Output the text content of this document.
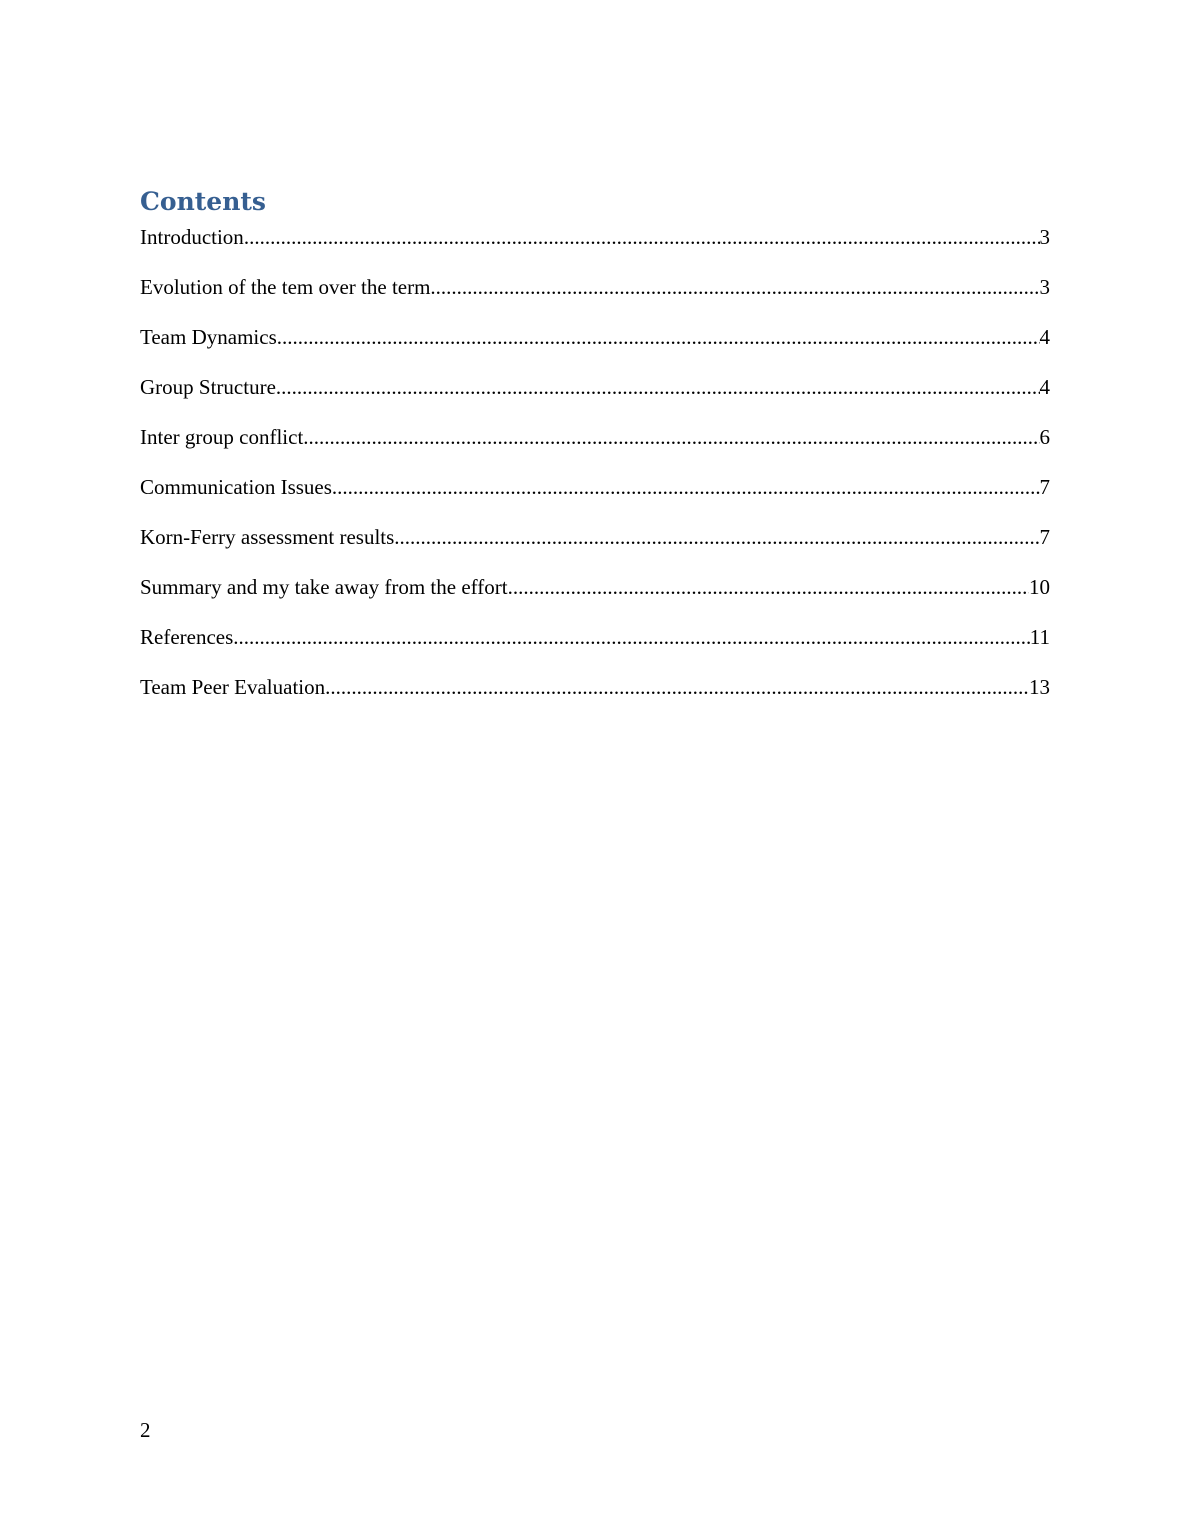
Contents
Introduction .....	3
Evolution of the tem over the term .....	3
Team Dynamics .....	4
Group Structure .....	4
Inter group conflict .....	6
Communication Issues .....	7
Korn-Ferry assessment results .....	7
Summary and my take away from the effort .....	10
References .....	11
Team Peer Evaluation .....	13
2
